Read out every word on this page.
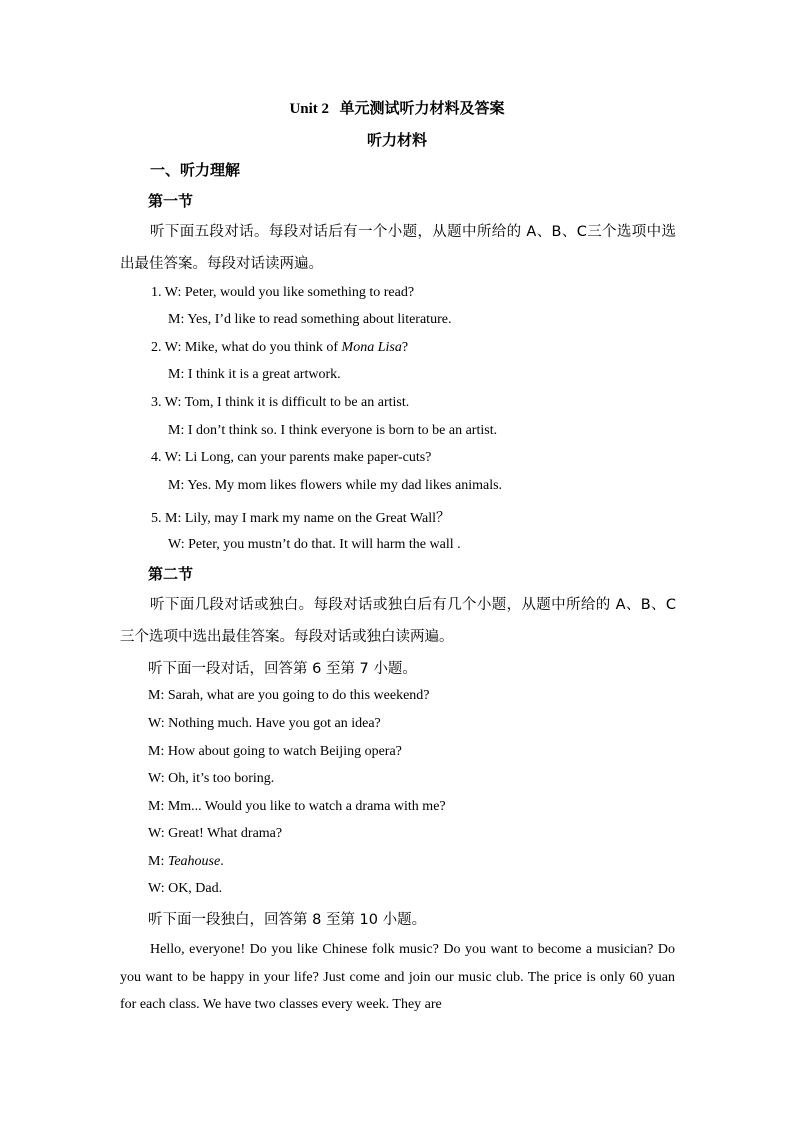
Unit 2 单元测试听力材料及答案
听力材料
一、听力理解
第一节
听下面五段对话。每段对话后有一个小题，从题中所给的 A、B、C三个选项中选出最佳答案。每段对话读两遍。
1. W: Peter, would you like something to read?
M: Yes, I’d like to read something about literature.
2. W: Mike, what do you think of Mona Lisa?
M: I think it is a great artwork.
3. W: Tom, I think it is difficult to be an artist.
M: I don’t think so. I think everyone is born to be an artist.
4. W: Li Long, can your parents make paper-cuts?
M: Yes. My mom likes flowers while my dad likes animals.
5. M: Lily, may I mark my name on the Great Wall？
W: Peter, you mustn’t do that. It will harm the wall .
第二节
听下面几段对话或独白。每段对话或独白后有几个小题，从题中所给的 A、B、C三个选项中选出最佳答案。每段对话或独白读两遍。
听下面一段对话，回答第 6 至第 7 小题。
M: Sarah, what are you going to do this weekend?
W: Nothing much. Have you got an idea?
M: How about going to watch Beijing opera?
W: Oh, it’s too boring.
M: Mm... Would you like to watch a drama with me?
W: Great! What drama?
M: Teahouse.
W: OK, Dad.
听下面一段独白，回答第 8 至第 10 小题。
Hello, everyone! Do you like Chinese folk music? Do you want to become a musician? Do you want to be happy in your life? Just come and join our music club. The price is only 60 yuan for each class. We have two classes every week. They are
